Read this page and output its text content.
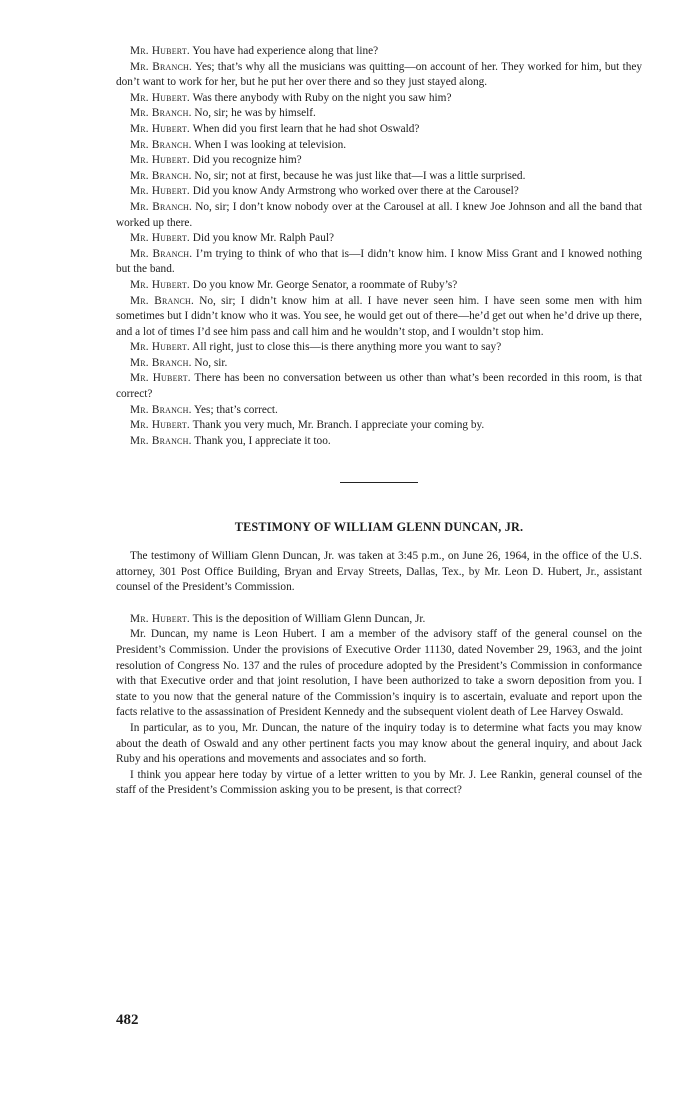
Mr. Hubert. You have had experience along that line?

Mr. Branch. Yes; that’s why all the musicians was quitting—on account of her. They worked for him, but they don’t want to work for her, but he put her over there and so they just stayed along.

Mr. Hubert. Was there anybody with Ruby on the night you saw him?

Mr. Branch. No, sir; he was by himself.

Mr. Hubert. When did you first learn that he had shot Oswald?

Mr. Branch. When I was looking at television.

Mr. Hubert. Did you recognize him?

Mr. Branch. No, sir; not at first, because he was just like that—I was a little surprised.

Mr. Hubert. Did you know Andy Armstrong who worked over there at the Carousel?

Mr. Branch. No, sir; I don’t know nobody over at the Carousel at all. I knew Joe Johnson and all the band that worked up there.

Mr. Hubert. Did you know Mr. Ralph Paul?

Mr. Branch. I’m trying to think of who that is—I didn’t know him. I know Miss Grant and I knowed nothing but the band.

Mr. Hubert. Do you know Mr. George Senator, a roommate of Ruby’s?

Mr. Branch. No, sir; I didn’t know him at all. I have never seen him. I have seen some men with him sometimes but I didn’t know who it was. You see, he would get out of there—he’d get out when he’d drive up there, and a lot of times I’d see him pass and call him and he wouldn’t stop, and I wouldn’t stop him.

Mr. Hubert. All right, just to close this—is there anything more you want to say?

Mr. Branch. No, sir.

Mr. Hubert. There has been no conversation between us other than what’s been recorded in this room, is that correct?

Mr. Branch. Yes; that’s correct.

Mr. Hubert. Thank you very much, Mr. Branch. I appreciate your coming by.

Mr. Branch. Thank you, I appreciate it too.

TESTIMONY OF WILLIAM GLENN DUNCAN, JR.

The testimony of William Glenn Duncan, Jr. was taken at 3:45 p.m., on June 26, 1964, in the office of the U.S. attorney, 301 Post Office Building, Bryan and Ervay Streets, Dallas, Tex., by Mr. Leon D. Hubert, Jr., assistant counsel of the President’s Commission.

Mr. Hubert. This is the deposition of William Glenn Duncan, Jr.

Mr. Duncan, my name is Leon Hubert. I am a member of the advisory staff of the general counsel on the President’s Commission. Under the provisions of Executive Order 11130, dated November 29, 1963, and the joint resolution of Congress No. 137 and the rules of procedure adopted by the President’s Commission in conformance with that Executive order and that joint resolution, I have been authorized to take a sworn deposition from you. I state to you now that the general nature of the Commission’s inquiry is to ascertain, evaluate and report upon the facts relative to the assassination of President Kennedy and the subsequent violent death of Lee Harvey Oswald.

In particular, as to you, Mr. Duncan, the nature of the inquiry today is to determine what facts you may know about the death of Oswald and any other pertinent facts you may know about the general inquiry, and about Jack Ruby and his operations and movements and associates and so forth.

I think you appear here today by virtue of a letter written to you by Mr. J. Lee Rankin, general counsel of the staff of the President’s Commission asking you to be present, is that correct?

482
